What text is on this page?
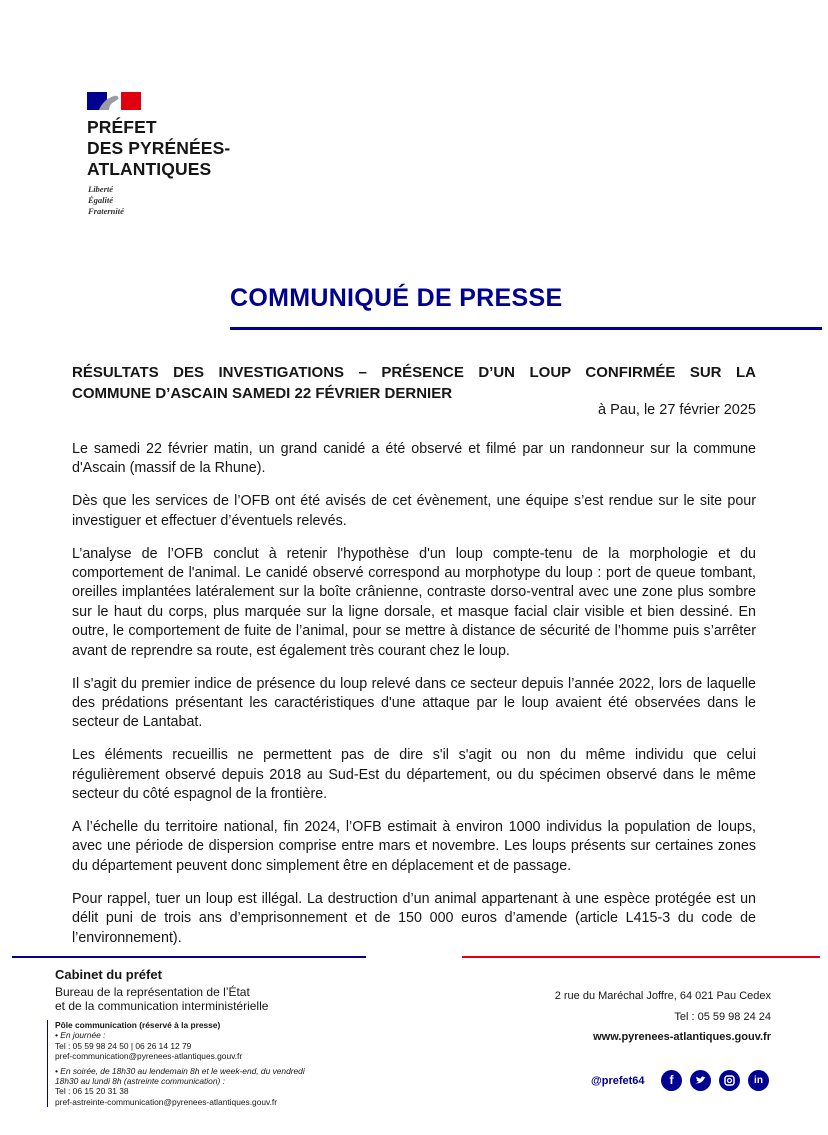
PRÉFET
DES PYRÉNÉES-
ATLANTIQUES
Liberté
Égalité
Fraternité
COMMUNIQUÉ DE PRESSE
RÉSULTATS DES INVESTIGATIONS – PRÉSENCE D’UN LOUP CONFIRMÉE SUR LA
COMMUNE D’ASCAIN SAMEDI 22 FÉVRIER DERNIER
à Pau, le 27 février 2025

Le samedi 22 février matin, un grand canidé a été observé et filmé par un randonneur sur la commune d'Ascain (massif de la Rhune).

Dès que les services de l’OFB ont été avisés de cet évènement, une équipe s’est rendue sur le site pour investiguer et effectuer d’éventuels relevés.

L’analyse de l’OFB conclut à retenir l'hypothèse d'un loup compte-tenu de la morphologie et du comportement de l'animal. Le canidé observé correspond au morphotype du loup : port de queue tombant, oreilles implantées latéralement sur la boîte crânienne, contraste dorso-ventral avec une zone plus sombre sur le haut du corps, plus marquée sur la ligne dorsale, et masque facial clair visible et bien dessiné. En outre, le comportement de fuite de l’animal, pour se mettre à distance de sécurité de l’homme puis s’arrêter avant de reprendre sa route, est également très courant chez le loup.

Il s'agit du premier indice de présence du loup relevé dans ce secteur depuis l’année 2022, lors de laquelle des prédations présentant les caractéristiques d'une attaque par le loup avaient été observées dans le secteur de Lantabat.

Les éléments recueillis ne permettent pas de dire s'il s'agit ou non du même individu que celui régulièrement observé depuis 2018 au Sud-Est du département, ou du spécimen observé dans le même secteur du côté espagnol de la frontière.

A l’échelle du territoire national, fin 2024, l’OFB estimait à environ 1000 individus la population de loups, avec une période de dispersion comprise entre mars et novembre. Les loups présents sur certaines zones du département peuvent donc simplement être en déplacement et de passage.

Pour rappel, tuer un loup est illégal. La destruction d’un animal appartenant à une espèce protégée est un délit puni de trois ans d’emprisonnement et de 150 000 euros d’amende (article L415-3 du code de l’environnement).

Cabinet du préfet
Bureau de la représentation de l’État
et de la communication interministérielle
Pôle communication (réservé à la presse)
• En journée :
Tel : 05 59 98 24 50 | 06 26 14 12 79
pref-communication@pyrenees-atlantiques.gouv.fr
• En soirée, de 18h30 au lendemain 8h et le week-end, du vendredi
18h30 au lundi 8h (astreinte communication) :
Tel : 06 15 20 31 38
pref-astreinte-communication@pyrenees-atlantiques.gouv.fr
2 rue du Maréchal Joffre, 64 021 Pau Cedex
Tel : 05 59 98 24 24
www.pyrenees-atlantiques.gouv.fr
@prefet64	f	in
